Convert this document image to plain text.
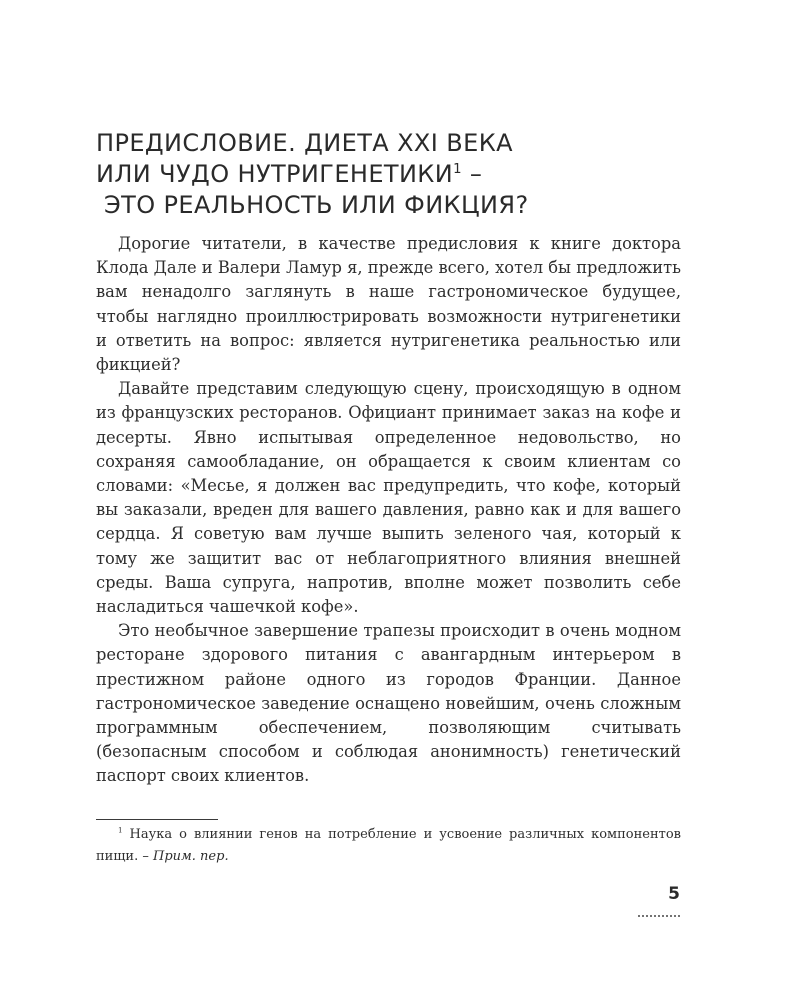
ПРЕДИСЛОВИЕ. ДИЕТА XXI ВЕКА
ИЛИ ЧУДО НУТРИГЕНЕТИКИ$^1$ –
ЭТО РЕАЛЬНОСТЬ ИЛИ ФИКЦИЯ?

Дорогие читатели, в качестве предисловия к книге доктора Клода Дале и Валери Ламур я, прежде всего, хотел бы предложить вам ненадолго заглянуть в наше гастрономическое будущее, чтобы наглядно проиллюстрировать возможности нутригенетики и ответить на вопрос: является нутригенетика реальностью или фикцией?

Давайте представим следующую сцену, происходящую в одном из французских ресторанов. Официант принимает заказ на кофе и десерты. Явно испытывая определенное недовольство, но сохраняя самообладание, он обращается к своим клиентам со словами: «Месье, я должен вас предупредить, что кофе, который вы заказали, вреден для вашего давления, равно как и для вашего сердца. Я советую вам лучше выпить зеленого чая, который к тому же защитит вас от неблагоприятного влияния внешней среды. Ваша супруга, напротив, вполне может позволить себе насладиться чашечкой кофе».

Это необычное завершение трапезы происходит в очень модном ресторане здорового питания с авангардным интерьером в престижном районе одного из городов Франции. Данное гастрономическое заведение оснащено новейшим, очень сложным программным обеспечением, позволяющим считывать (безопасным способом и соблюдая анонимность) генетический паспорт своих клиентов.

$^1$ Наука о влиянии генов на потребление и усвоение различных компонентов пищи. – Прим. пер.
5
